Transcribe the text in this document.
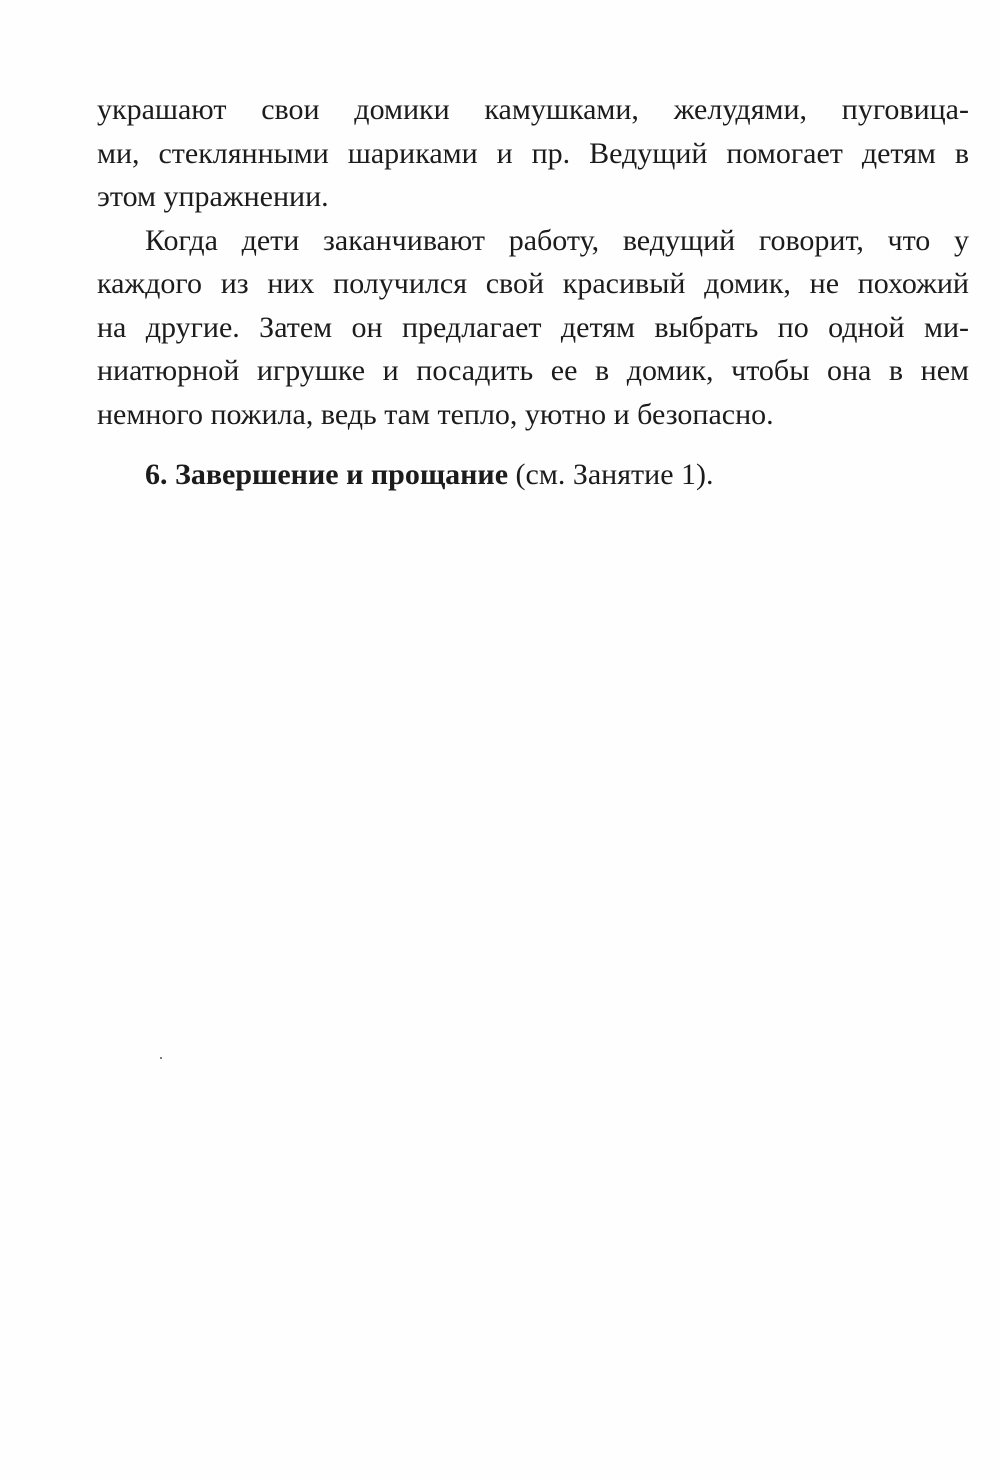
украшают свои домики камушками, желудями, пуговица-
ми, стеклянными шариками и пр. Ведущий помогает детям в
этом упражнении.
Когда дети заканчивают работу, ведущий говорит, что у
каждого из них получился свой красивый домик, не похожий
на другие. Затем он предлагает детям выбрать по одной ми-
ниатюрной игрушке и посадить ее в домик, чтобы она в нем
немного пожила, ведь там тепло, уютно и безопасно.
6. Завершение и прощание (см. Занятие 1).
